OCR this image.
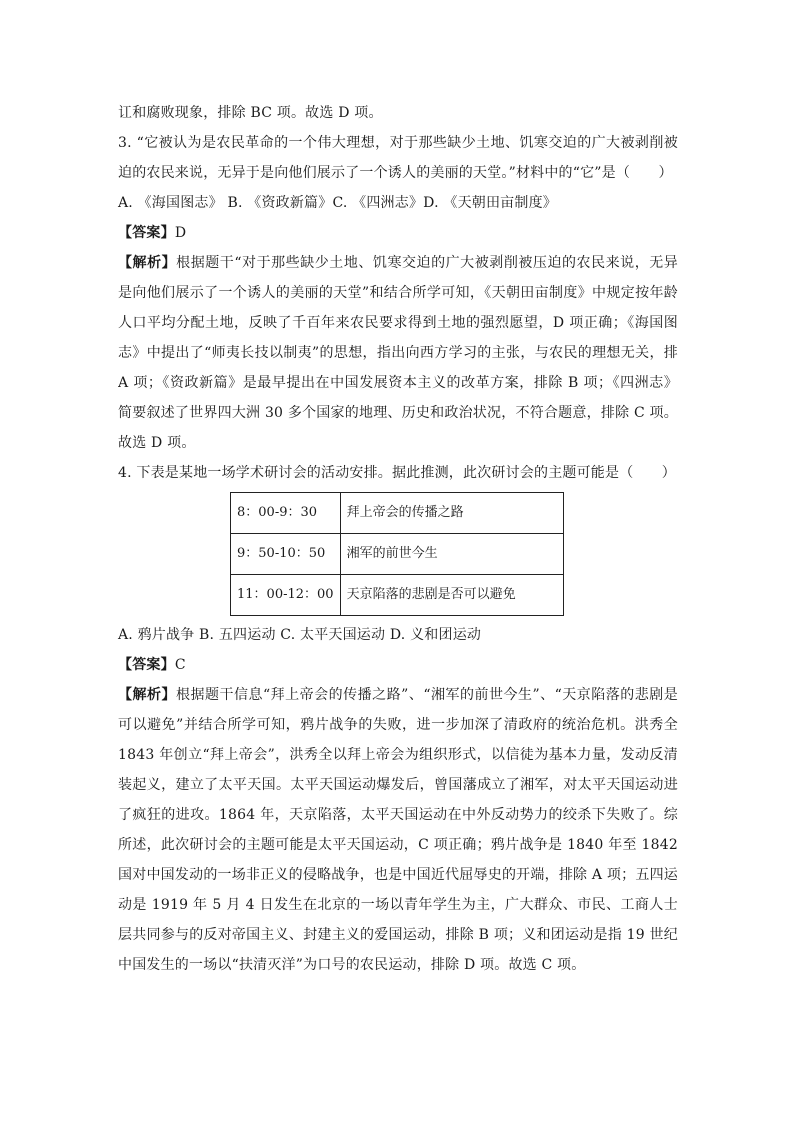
讧和腐败现象，排除 BC 项。故选 D 项。
3. “它被认为是农民革命的一个伟大理想，对于那些缺少土地、饥寒交迫的广大被剥削被
迫的农民来说，无异于是向他们展示了一个诱人的美丽的天堂。”材料中的“它”是（　　）
A. 《海国图志》 B. 《资政新篇》C. 《四洲志》D. 《天朝田亩制度》
【答案】D
【解析】根据题干“对于那些缺少土地、饥寒交迫的广大被剥削被压迫的农民来说，无异
是向他们展示了一个诱人的美丽的天堂”和结合所学可知，《天朝田亩制度》中规定按年龄
人口平均分配土地，反映了千百年来农民要求得到土地的强烈愿望，D 项正确；《海国图
志》中提出了“师夷长技以制夷”的思想，指出向西方学习的主张，与农民的理想无关，排
A 项；《资政新篇》是最早提出在中国发展资本主义的改革方案，排除 B 项；《四洲志》
简要叙述了世界四大洲 30 多个国家的地理、历史和政治状况，不符合题意，排除 C 项。
故选 D 项。
4. 下表是某地一场学术研讨会的活动安排。据此推测，此次研讨会的主题可能是（　　）
8：00-9：30	拜上帝会的传播之路
9：50-10：50	湘军的前世今生
11：00-12：00	天京陷落的悲剧是否可以避免
A. 鸦片战争 B. 五四运动 C. 太平天国运动 D. 义和团运动
【答案】C
【解析】根据题干信息“拜上帝会的传播之路”、“湘军的前世今生”、“天京陷落的悲剧是
可以避免”并结合所学可知，鸦片战争的失败，进一步加深了清政府的统治危机。洪秀全
1843 年创立“拜上帝会”，洪秀全以拜上帝会为组织形式，以信徒为基本力量，发动反清
装起义，建立了太平天国。太平天国运动爆发后，曾国藩成立了湘军，对太平天国运动进
了疯狂的进攻。1864 年，天京陷落，太平天国运动在中外反动势力的绞杀下失败了。综
所述，此次研讨会的主题可能是太平天国运动，C 项正确；鸦片战争是 1840 年至 1842
国对中国发动的一场非正义的侵略战争，也是中国近代屈辱史的开端，排除 A 项；五四运
动是 1919 年 5 月 4 日发生在北京的一场以青年学生为主，广大群众、市民、工商人士
层共同参与的反对帝国主义、封建主义的爱国运动，排除 B 项；义和团运动是指 19 世纪
中国发生的一场以“扶清灭洋”为口号的农民运动，排除 D 项。故选 C 项。
